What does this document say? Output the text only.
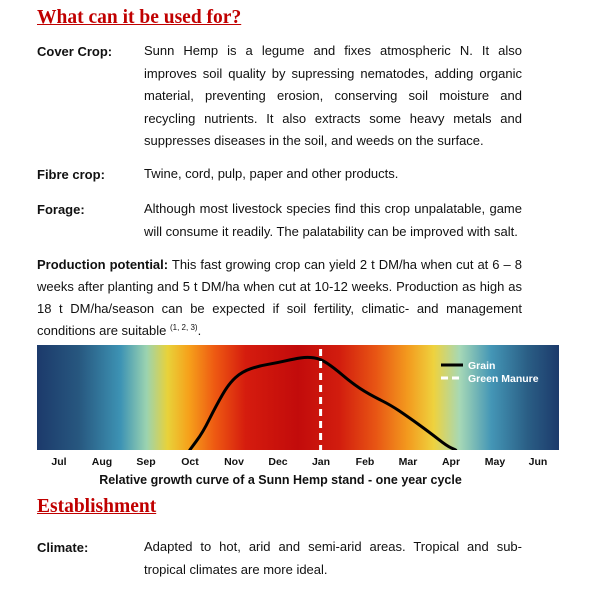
What can it be used for?
Cover Crop: Sunn Hemp is a legume and fixes atmospheric N. It also improves soil quality by supressing nematodes, adding organic material, preventing erosion, conserving soil moisture and recycling nutrients. It also extracts some heavy metals and suppresses diseases in the soil, and weeds on the surface.
Fibre crop:	Twine, cord, pulp, paper and other products.
Forage:	Although most livestock species find this crop unpalatable, game will consume it readily. The palatability can be improved with salt.
Production potential: This fast growing crop can yield 2 t DM/ha when cut at 6 – 8 weeks after planting and 5 t DM/ha when cut at 10-12 weeks. Production as high as 18 t DM/ha/season can be expected if soil fertility, climatic- and management conditions are suitable $^{(1, 2, 3)}$.
Grain
Green Manure
Jul Aug Sep Oct Nov Dec Jan Feb Mar Apr May Jun

Relative growth curve of a Sunn Hemp stand - one year cycle

Establishment
Climate:	Adapted to hot, arid and semi-arid areas. Tropical and sub-tropical climates are more ideal.
